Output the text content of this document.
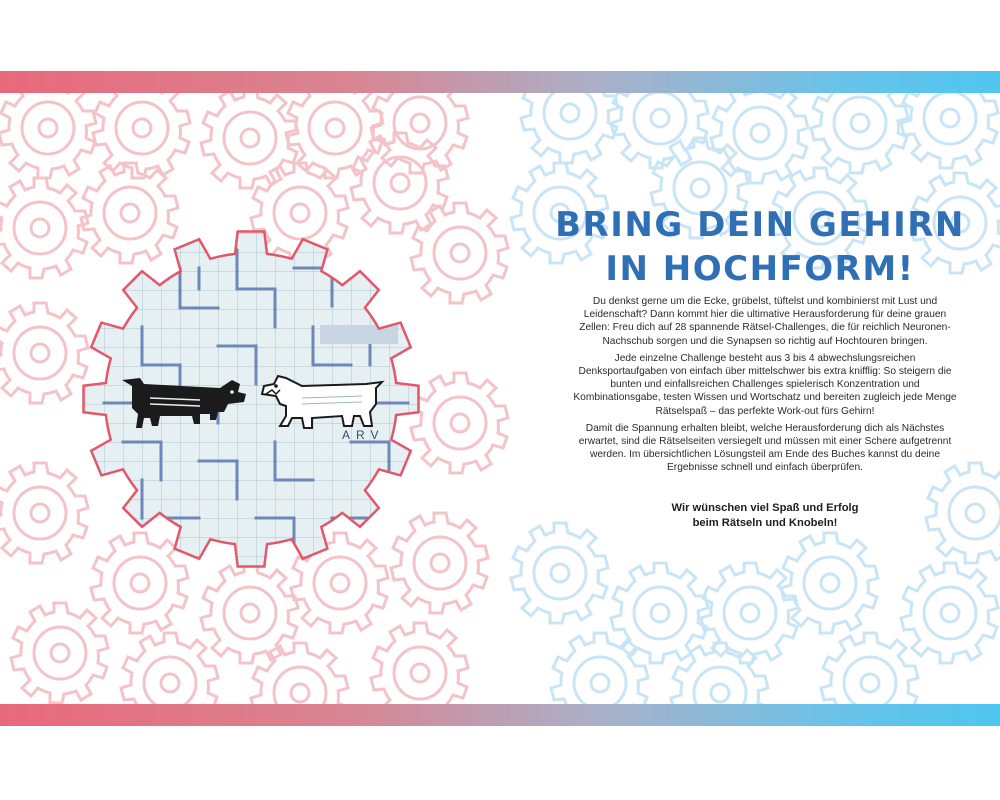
ARV
BRING DEIN GEHIRN
IN HOCHFORM!

Du denkst gerne um die Ecke, grübelst, tüftelst und kombinierst mit Lust und Leidenschaft? Dann kommt hier die ultimative Herausforderung für deine grauen Zellen: Freu dich auf 28 spannende Rätsel-Challenges, die für reichlich Neuronen-Nachschub sorgen und die Synapsen so richtig auf Hochtouren bringen.

Jede einzelne Challenge besteht aus 3 bis 4 abwechslungsreichen Denksportaufgaben von einfach über mittelschwer bis extra knifflig: So steigern die bunten und einfallsreichen Challenges spielerisch Konzentration und Kombinationsgabe, testen Wissen und Wortschatz und bereiten zugleich jede Menge Rätselspaß – das perfekte Work-out fürs Gehirn!

Damit die Spannung erhalten bleibt, welche Herausforderung dich als Nächstes erwartet, sind die Rätselseiten versiegelt und müssen mit einer Schere aufgetrennt werden. Im übersichtlichen Lösungsteil am Ende des Buches kannst du deine Ergebnisse schnell und einfach überprüfen.

Wir wünschen viel Spaß und Erfolg
beim Rätseln und Knobeln!
